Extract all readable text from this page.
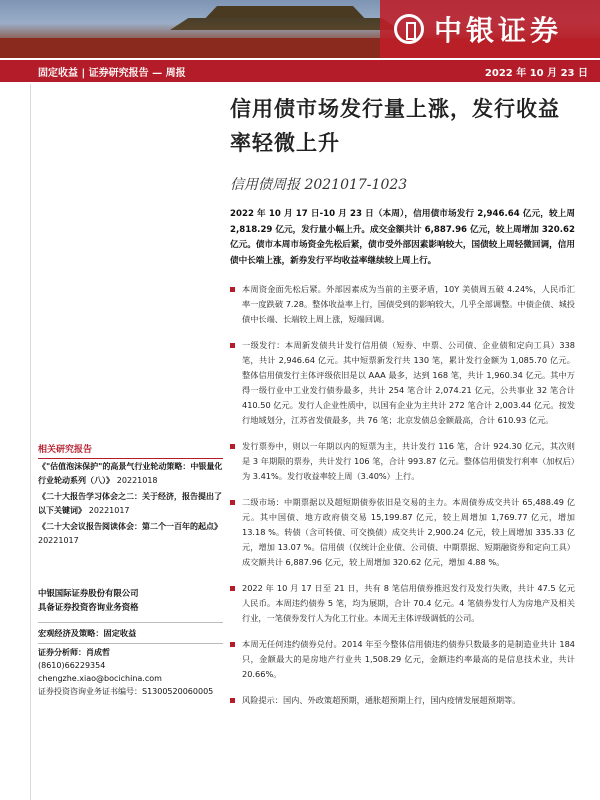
中银证券
固定收益 | 证券研究报告 — 周报	2022 年 10 月 23 日
信用债市场发行量上涨，发行收益率轻微上升
信用债周报 2021017-1023
2022 年 10 月 17 日-10 月 23 日（本周），信用债市场发行 2,946.64 亿元，较上周 2,818.29 亿元，发行量小幅上升。成交金额共计 6,887.96 亿元，较上周增加 320.62 亿元。债市本周市场资金先松后紧，债市受外部因素影响较大，国债较上周轻微回调，信用债中长端上涨，新券发行平均收益率继续较上周上行。
本周资金面先松后紧。外部因素成为当前的主要矛盾，10Y 美债周五破 4.24%，人民币汇率一度跌破 7.28。整体收益率上行，国债受到的影响较大，几乎全部调整。中债企债、城投债中长端、长端较上周上涨，短端回调。
一级发行：本周新发债共计发行信用债（短券、中票、公司债、企业债和定向工具）338 笔，共计 2,946.64 亿元。其中短票新发行共 130 笔，累计发行金额为 1,085.70 亿元。整体信用债发行主体评级依旧是以 AAA 最多，达到 168 笔，共计 1,960.34 亿元。其中万得一级行业中工业发行债券最多，共计 254 笔合计 2,074.21 亿元，公共事业 32 笔合计 410.50 亿元。发行人企业性质中，以国有企业为主共计 272 笔合计 2,003.44 亿元。按发行地域划分，江苏省发债最多，共 76 笔；北京发债总金额最高，合计 610.93 亿元。
发行票券中，则以一年期以内的短票为主，共计发行 116 笔，合计 924.30 亿元，其次则是 3 年期限的票券，共计发行 106 笔，合计 993.87 亿元。整体信用债发行利率（加权后）为 3.41%。发行收益率较上周（3.40%）上行。
二级市场：中期票据以及超短期债券依旧是交易的主力。本周债券成交共计 65,488.49 亿元。其中国债、地方政府债交易 15,199.87 亿元，较上周增加 1,769.77 亿元，增加 13.18 %。转债（含可转债、可交换债）成交共计 2,900.24 亿元，较上周增加 335.33 亿元，增加 13.07 %。信用债（仅统计企业债、公司债、中期票据、短期融资券和定向工具）成交额共计 6,887.96 亿元，较上周增加 320.62 亿元，增加 4.88 %。
2022 年 10 月 17 日至 21 日，共有 8 笔信用债券推迟发行及发行失败，共计 47.5 亿元人民币。本周违约债券 5 笔，均为展期，合计 70.4 亿元。4 笔债券发行人为房地产及相关行业，一笔债券发行人为化工行业。本周无主体评级调低的公司。
本周无任何违约债券兑付。2014 年至今整体信用债违约债券只数最多的是制造业共计 184 只，金额最大的是房地产行业共 1,508.29 亿元，金额违约率最高的是信息技术业，共计 20.66%。
风险提示：国内、外政策超预期，通胀超预期上行，国内疫情发展超预期等。
相关研究报告
《"估值泡沫保护"的高景气行业轮动策略：中银量化行业轮动系列（八）》 20221018
《二十大报告学习体会之二：关于经济，报告提出了以下关键词》 20221017
《二十大会议报告阅读体会：第二个一百年的起点》 20221017
中银国际证券股份有限公司
具备证券投资咨询业务资格
宏观经济及策略：固定收益
证券分析师：肖成哲
(8610)66229354
chengzhe.xiao@bocichina.com
证券投资咨询业务证书编号：S1300520060005
